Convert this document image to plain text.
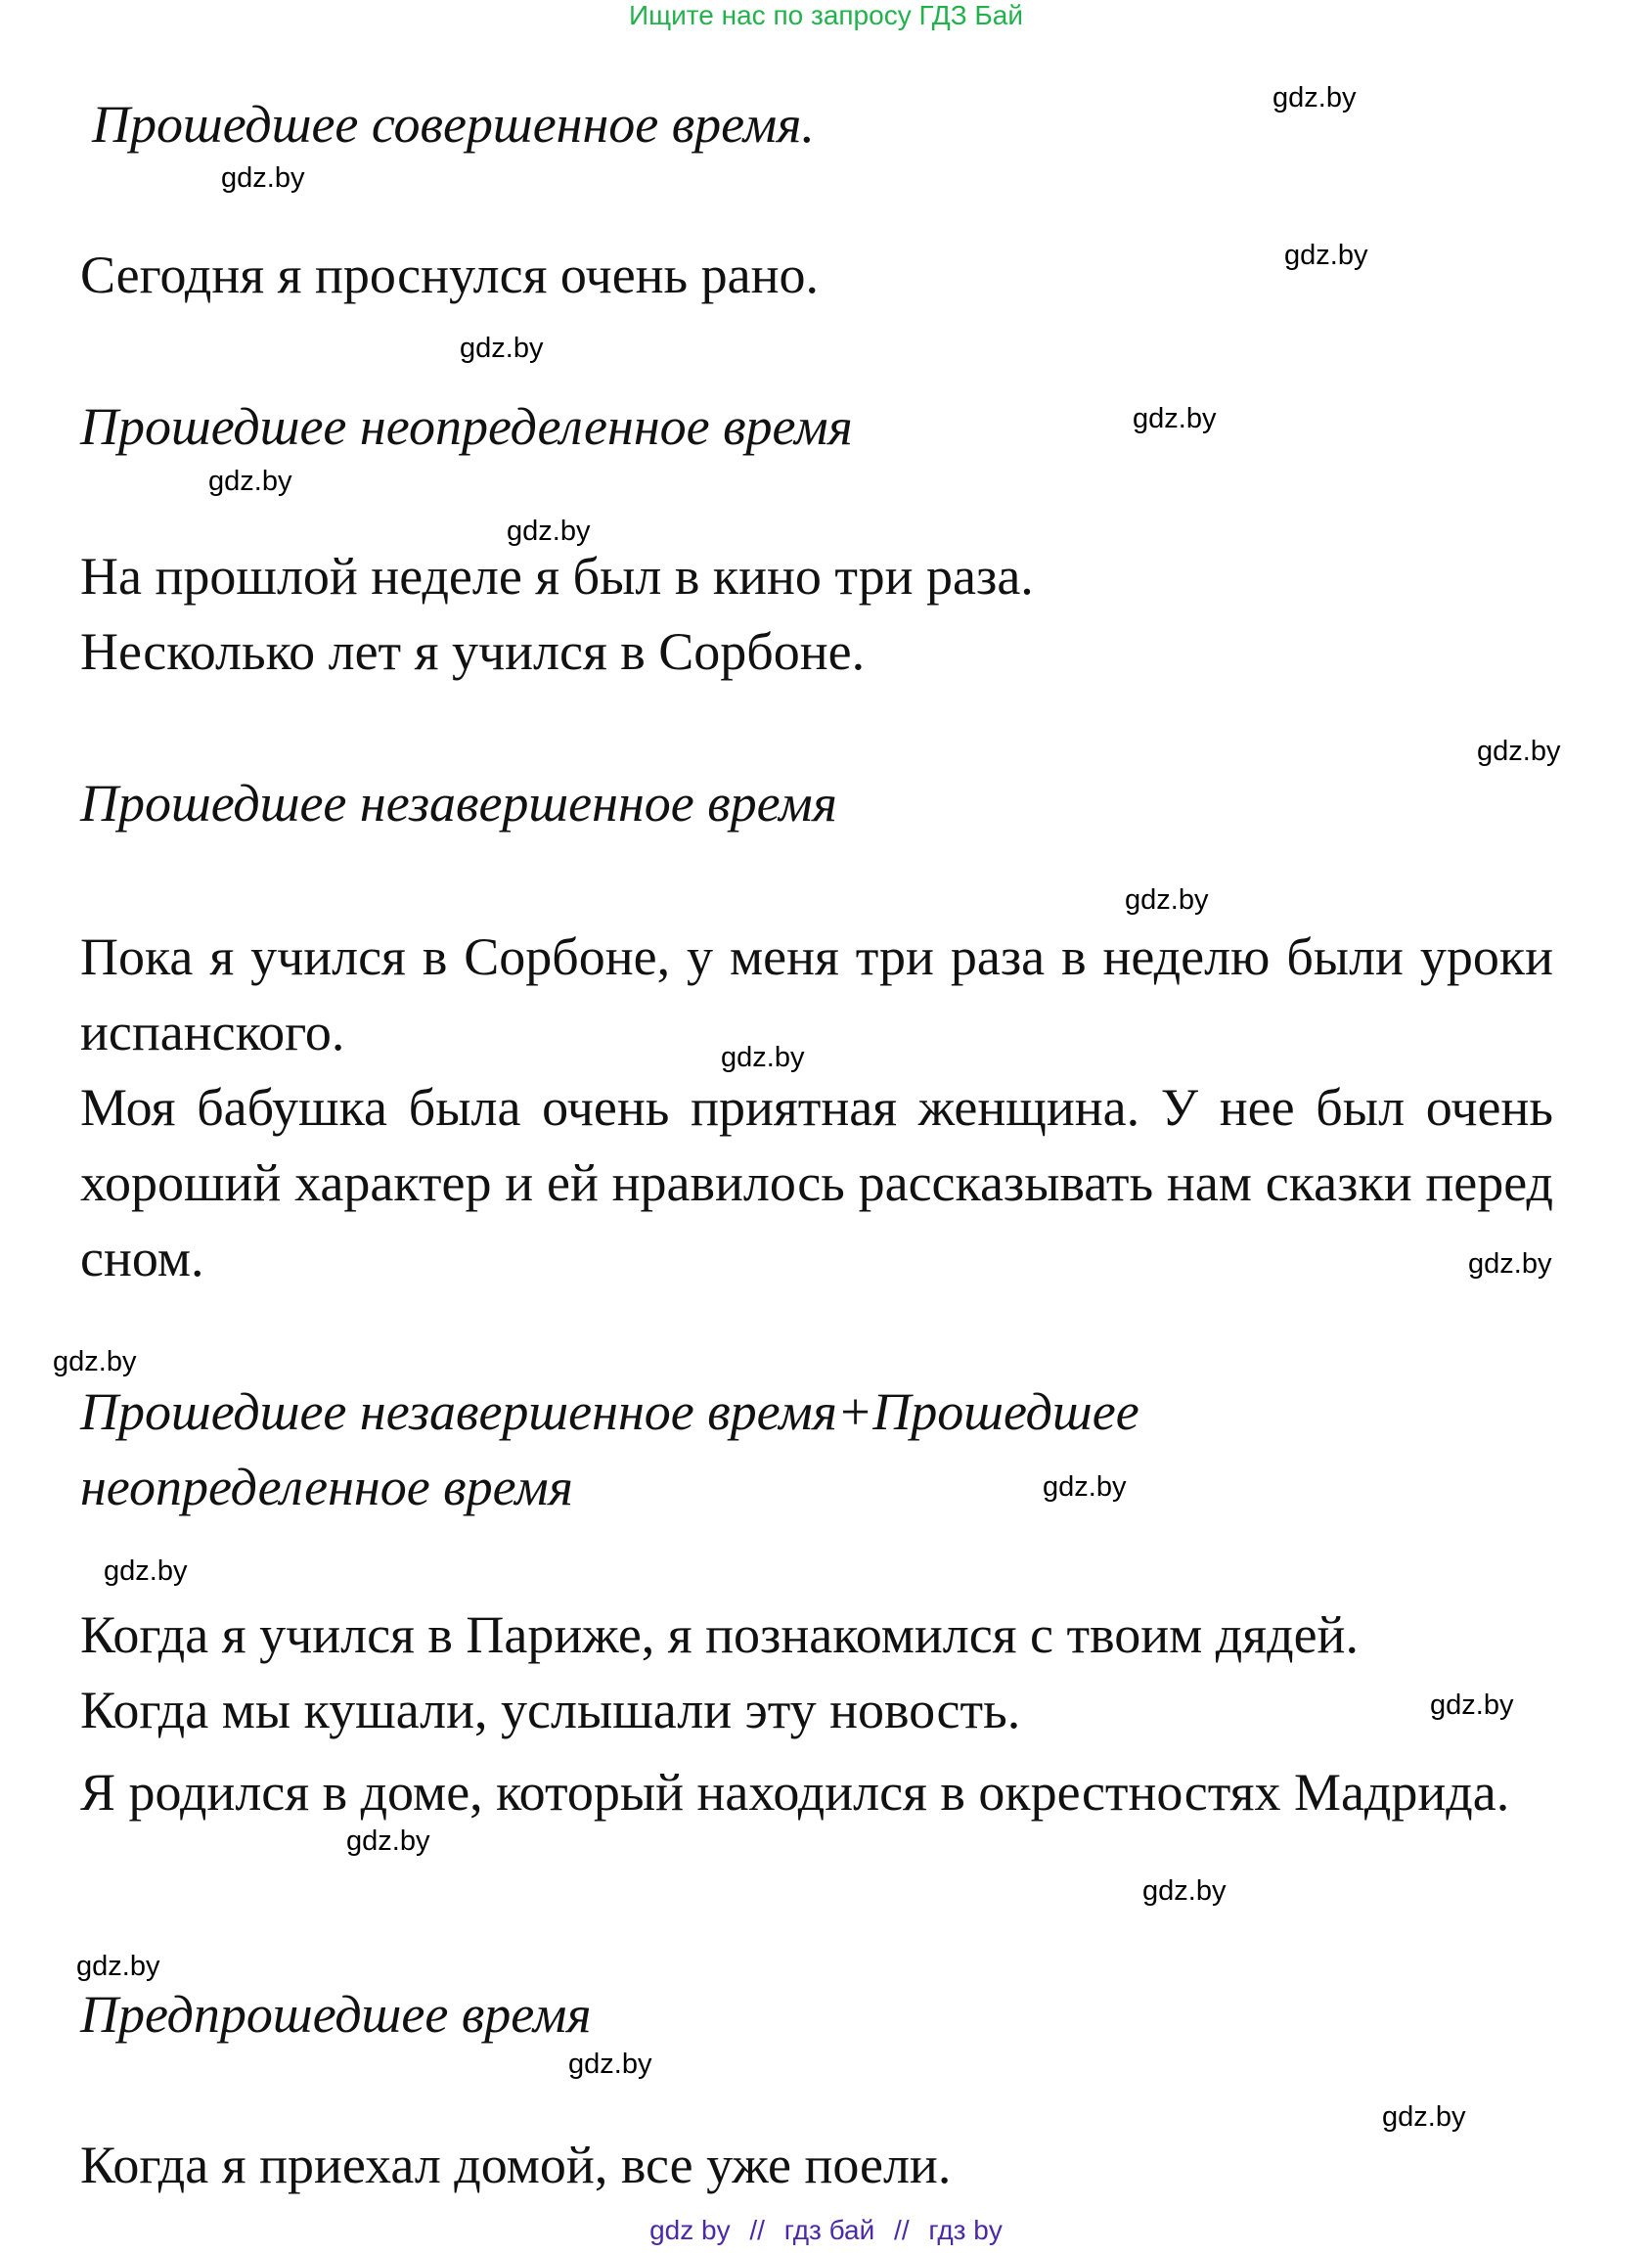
Ищите нас по запросу ГДЗ Бай
Прошедшее совершенное время.
Сегодня я проснулся очень рано.
Прошедшее неопределенное время
На прошлой неделе я был в кино три раза.
Несколько лет я учился в Сорбоне.
Прошедшее незавершенное время
Пока я учился в Сорбоне, у меня три раза в неделю были уроки испанского.
Моя бабушка была очень приятная женщина. У нее был очень хороший характер и ей нравилось рассказывать нам сказки перед сном.
Прошедшее незавершенное время+Прошедшее
неопределенное время
Когда я учился в Париже, я познакомился с твоим дядей.
Когда мы кушали, услышали эту новость.
Я родился в доме, который находился в окрестностях Мадрида.
Предпрошедшее время
Когда я приехал домой, все уже поели.
gdz.by
gdz.by
gdz.by
gdz.by
gdz.by
gdz.by
gdz.by
gdz.by
gdz.by
gdz.by
gdz.by
gdz.by
gdz.by
gdz.by
gdz.by
gdz.by
gdz.by
gdz.by
gdz.by
gdz.by
gdz by // гдз бай // гдз by
